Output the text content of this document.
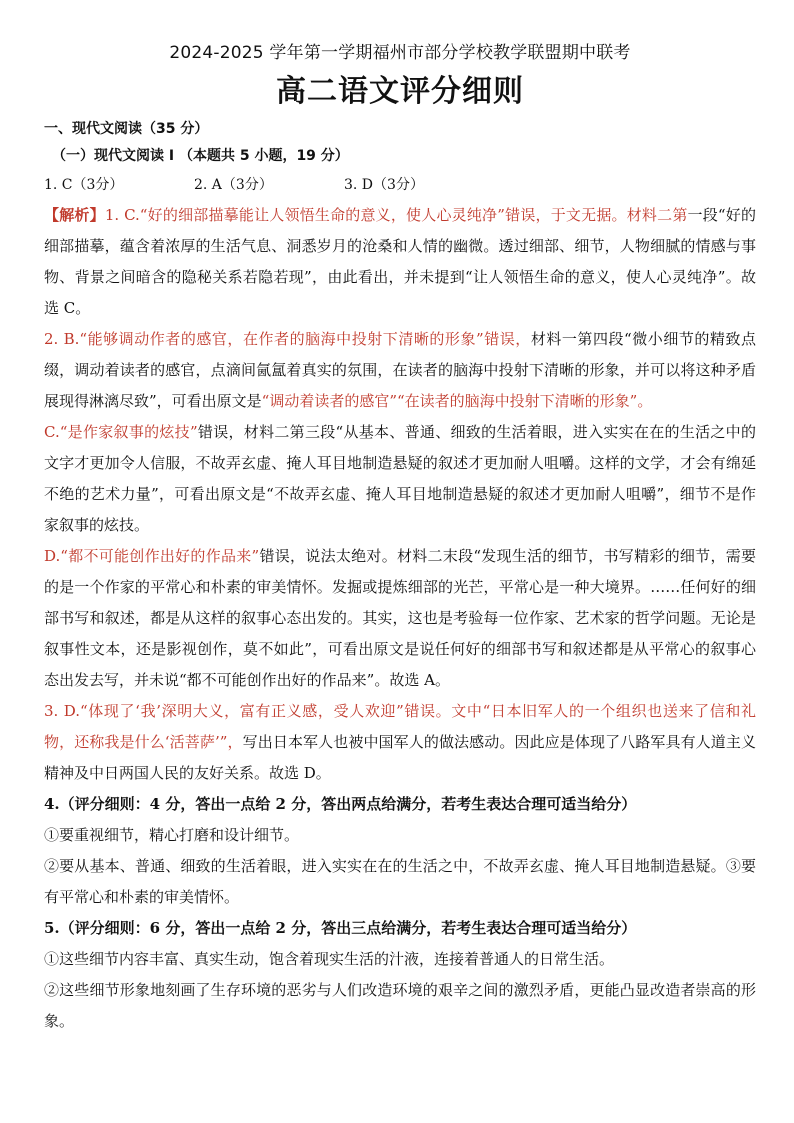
2024-2025 学年第一学期福州市部分学校教学联盟期中联考

高二语文评分细则

一、现代文阅读（35 分）

（一）现代文阅读 Ⅰ （本题共 5 小题，19 分）

1. C（3分）	2. A（3分）	3. D（3分）

【解析】1. C.“好的细部描摹能让人领悟生命的意义，使人心灵纯净”错误，于文无据。材料二第一段“好的细部描摹，蕴含着浓厚的生活气息、洞悉岁月的沧桑和人情的幽微。透过细部、细节，人物细腻的情感与事物、背景之间暗含的隐秘关系若隐若现”，由此看出，并未提到“让人领悟生命的意义，使人心灵纯净”。故选 C。

2. B.“能够调动作者的感官，在作者的脑海中投射下清晰的形象”错误，材料一第四段“微小细节的精致点缀，调动着读者的感官，点滴间氤氲着真实的氛围，在读者的脑海中投射下清晰的形象，并可以将这种矛盾展现得淋漓尽致”，可看出原文是“调动着读者的感官”“在读者的脑海中投射下清晰的形象”。

C.“是作家叙事的炫技”错误，材料二第三段“从基本、普通、细致的生活着眼，进入实实在在的生活之中的文字才更加令人信服，不故弄玄虚、掩人耳目地制造悬疑的叙述才更加耐人咀嚼。这样的文学，才会有绵延不绝的艺术力量”，可看出原文是“不故弄玄虚、掩人耳目地制造悬疑的叙述才更加耐人咀嚼”，细节不是作家叙事的炫技。

D.“都不可能创作出好的作品来”错误，说法太绝对。材料二末段“发现生活的细节，书写精彩的细节，需要的是一个作家的平常心和朴素的审美情怀。发掘或提炼细部的光芒，平常心是一种大境界。……任何好的细部书写和叙述，都是从这样的叙事心态出发的。其实，这也是考验每一位作家、艺术家的哲学问题。无论是叙事性文本，还是影视创作，莫不如此”，可看出原文是说任何好的细部书写和叙述都是从平常心的叙事心态出发去写，并未说“都不可能创作出好的作品来”。故选 A。

3. D.“体现了‘我’深明大义，富有正义感，受人欢迎”错误。文中“日本旧军人的一个组织也送来了信和礼物，还称我是什么‘活菩萨’”，写出日本军人也被中国军人的做法感动。因此应是体现了八路军具有人道主义精神及中日两国人民的友好关系。故选 D。

4.（评分细则：4 分，答出一点给 2 分，答出两点给满分，若考生表达合理可适当给分）

①要重视细节，精心打磨和设计细节。

②要从基本、普通、细致的生活着眼，进入实实在在的生活之中，不故弄玄虚、掩人耳目地制造悬疑。③要有平常心和朴素的审美情怀。

5.（评分细则：6 分，答出一点给 2 分，答出三点给满分，若考生表达合理可适当给分）

①这些细节内容丰富、真实生动，饱含着现实生活的汁液，连接着普通人的日常生活。

②这些细节形象地刻画了生存环境的恶劣与人们改造环境的艰辛之间的激烈矛盾，更能凸显改造者崇高的形象。
